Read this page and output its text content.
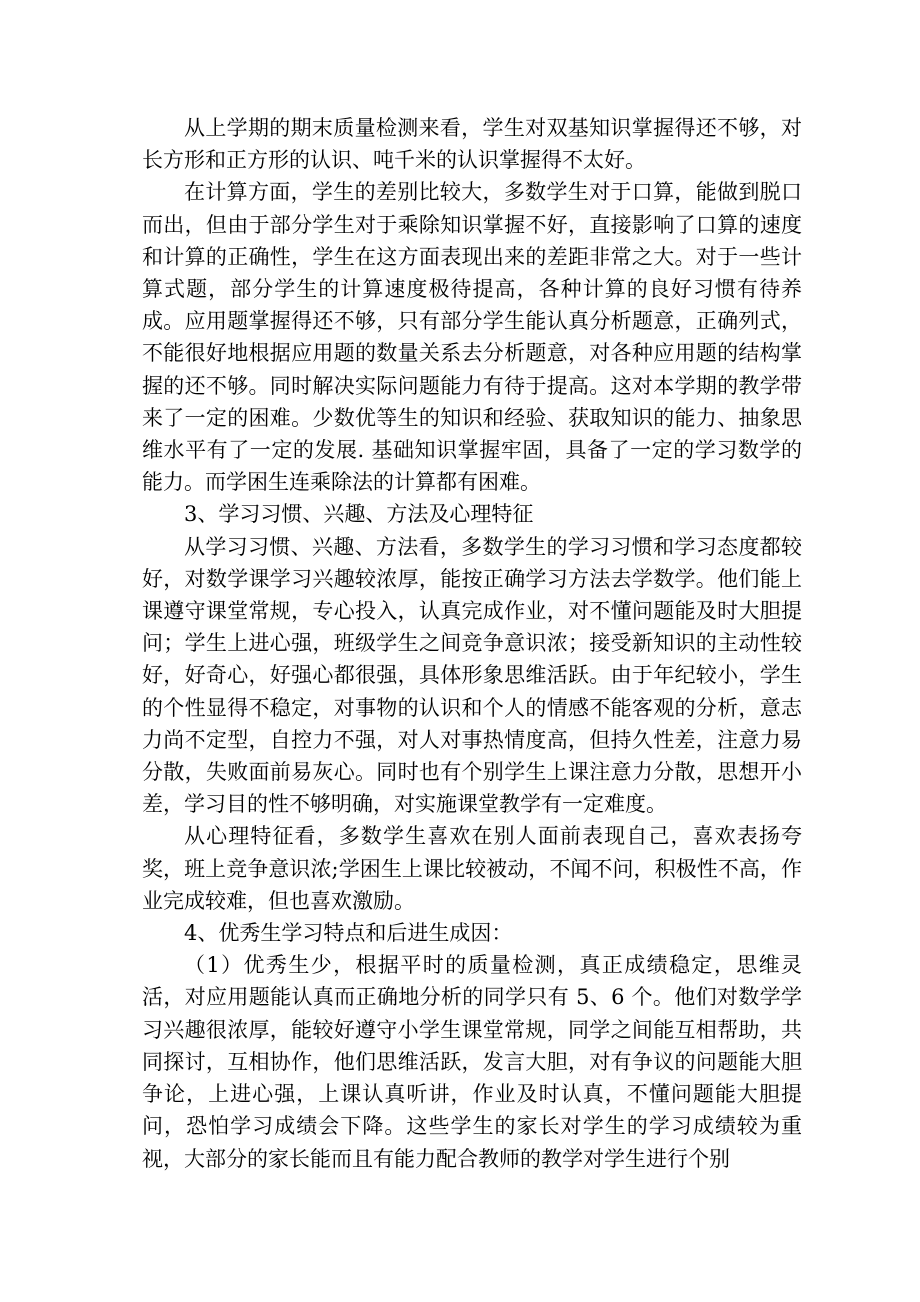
从上学期的期末质量检测来看，学生对双基知识掌握得还不够，对长方形和正方形的认识、吨千米的认识掌握得不太好。

在计算方面，学生的差别比较大，多数学生对于口算，能做到脱口而出，但由于部分学生对于乘除知识掌握不好，直接影响了口算的速度和计算的正确性，学生在这方面表现出来的差距非常之大。对于一些计算式题，部分学生的计算速度极待提高，各种计算的良好习惯有待养成。应用题掌握得还不够，只有部分学生能认真分析题意，正确列式，不能很好地根据应用题的数量关系去分析题意，对各种应用题的结构掌握的还不够。同时解决实际问题能力有待于提高。这对本学期的教学带来了一定的困难。少数优等生的知识和经验、获取知识的能力、抽象思维水平有了一定的发展. 基础知识掌握牢固，具备了一定的学习数学的能力。而学困生连乘除法的计算都有困难。

3、学习习惯、兴趣、方法及心理特征

从学习习惯、兴趣、方法看，多数学生的学习习惯和学习态度都较好，对数学课学习兴趣较浓厚，能按正确学习方法去学数学。他们能上课遵守课堂常规，专心投入，认真完成作业，对不懂问题能及时大胆提问；学生上进心强，班级学生之间竞争意识浓；接受新知识的主动性较好，好奇心，好强心都很强，具体形象思维活跃。由于年纪较小，学生的个性显得不稳定，对事物的认识和个人的情感不能客观的分析，意志力尚不定型，自控力不强，对人对事热情度高，但持久性差，注意力易分散，失败面前易灰心。同时也有个别学生上课注意力分散，思想开小差，学习目的性不够明确，对实施课堂教学有一定难度。

从心理特征看，多数学生喜欢在别人面前表现自己，喜欢表扬夸奖，班上竞争意识浓;学困生上课比较被动，不闻不问，积极性不高，作业完成较难，但也喜欢激励。

4、优秀生学习特点和后进生成因：

（1）优秀生少，根据平时的质量检测，真正成绩稳定，思维灵活，对应用题能认真而正确地分析的同学只有 5、6 个。他们对数学学习兴趣很浓厚，能较好遵守小学生课堂常规，同学之间能互相帮助，共同探讨，互相协作，他们思维活跃，发言大胆，对有争议的问题能大胆争论，上进心强，上课认真听讲，作业及时认真，不懂问题能大胆提问，恐怕学习成绩会下降。这些学生的家长对学生的学习成绩较为重视，大部分的家长能而且有能力配合教师的教学对学生进行个别
